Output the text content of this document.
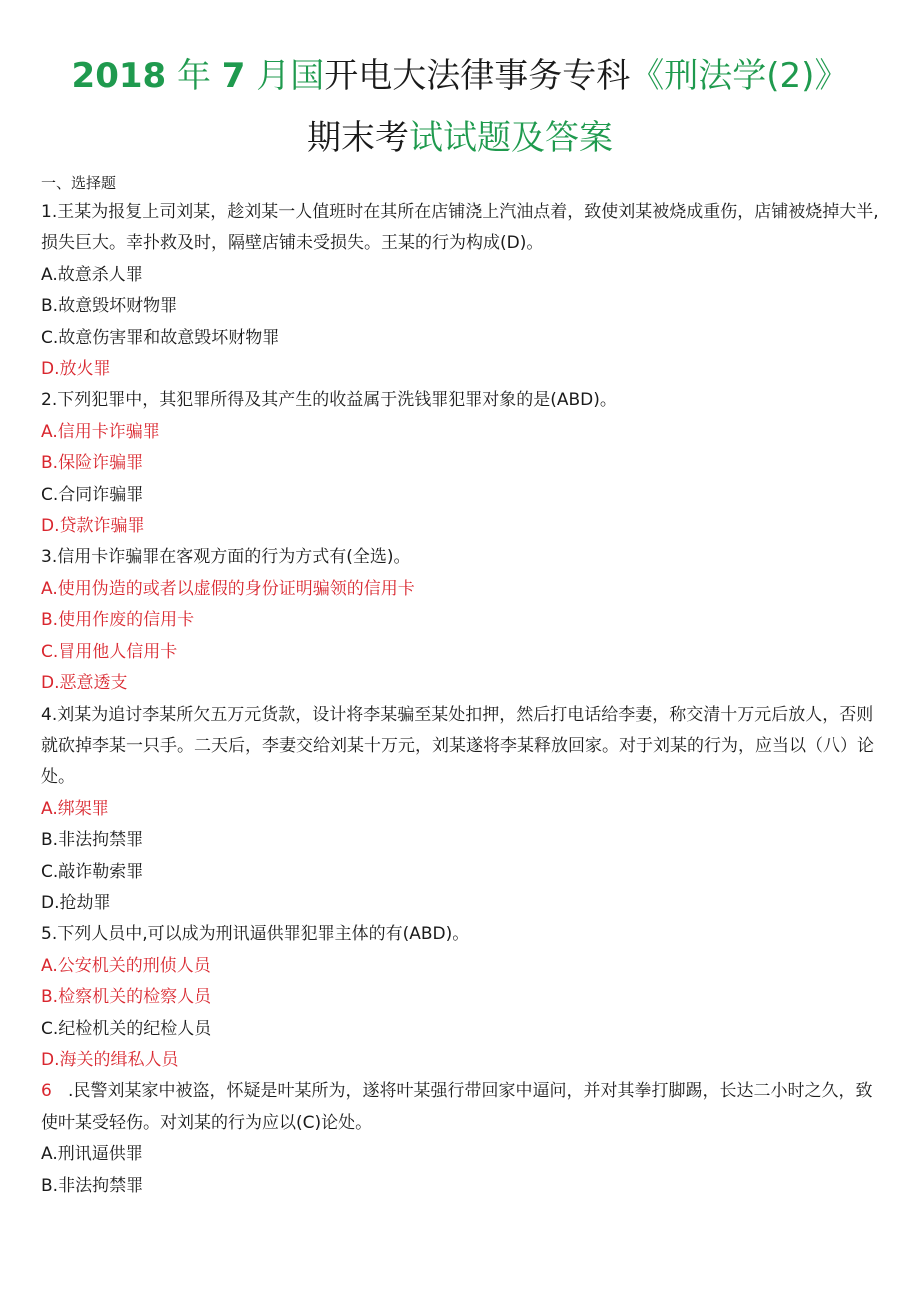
2018 年 7 月国开电大法律事务专科《刑法学(2)》
期末考试试题及答案
一、选择题

1.王某为报复上司刘某，趁刘某一人值班时在其所在店铺浇上汽油点着，致使刘某被烧成重伤，店铺被烧掉大半,损失巨大。幸扑救及时，隔壁店铺未受损失。王某的行为构成(D)。

A.故意杀人罪

B.故意毁坏财物罪

C.故意伤害罪和故意毁坏财物罪

D.放火罪

2.下列犯罪中，其犯罪所得及其产生的收益属于洗钱罪犯罪对象的是(ABD)。

A.信用卡诈骗罪

B.保险诈骗罪

C.合同诈骗罪

D.贷款诈骗罪

3.信用卡诈骗罪在客观方面的行为方式有(全选)。

A.使用伪造的或者以虚假的身份证明骗领的信用卡

B.使用作废的信用卡

C.冒用他人信用卡

D.恶意透支

4.刘某为追讨李某所欠五万元货款，设计将李某骗至某处扣押，然后打电话给李妻，称交清十万元后放人，否则就砍掉李某一只手。二天后，李妻交给刘某十万元，刘某遂将李某释放回家。对于刘某的行为，应当以（八）论处。

A.绑架罪

B.非法拘禁罪

C.敲诈勒索罪

D.抢劫罪

5.下列人员中,可以成为刑讯逼供罪犯罪主体的有(ABD)。

A.公安机关的刑侦人员

B.检察机关的检察人员

C.纪检机关的纪检人员

D.海关的缉私人员

6 .民警刘某家中被盗，怀疑是叶某所为，遂将叶某强行带回家中逼问，并对其拳打脚踢，长达二小时之久，致使叶某受轻伤。对刘某的行为应以(C)论处。

A.刑讯逼供罪

B.非法拘禁罪
